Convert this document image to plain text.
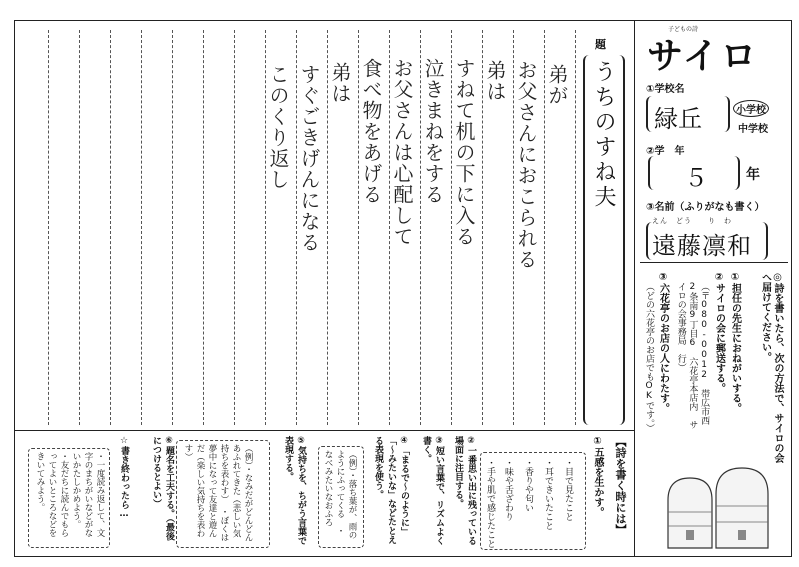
弟が
お父さんにおこられる
弟は
すねて机の下に入る
泣きまねをする
お父さんは心配して
食べ物をあげる
弟は
すぐごきげんになる
このくり返し
題
うちのすね夫
【詩を書く時には】
①五感を生かす。
・目で見たこと
・耳できいたこと
・香りや匂い
・味や舌ざわり
・手や肌で感じたこと
②一番思い出に残っている場面に注目する。
③短い言葉で、リズムよく書く。
④「まるで～のように」「～みたいな」などたとえる表現を使う。
（例）・落ち葉が、雨のようにふってくる　・なべみたいなおふろ
⑤気持ちを、ちがう言葉で表現する。
（例）・なみだがどんどんあふれてきた（悲しい気持ちを表わす）　・ぼくは夢中になって友達と遊んだ（楽しい気持ちを表わす）
⑥題名を工夫する。（最後につけるとよい）
☆書き終わったら…
・一度読み返して、文字のまちがいなどがないかたしかめよう。
・友だちに読んでもらってよいところなどをきいてみよう。
子どもの詩
サイロ
①学校名
緑丘	小学校
中学校
②学　年
５	年
③名前（ふりがなも書く）
えん　どう　　り　わ
遠藤凛和
◎詩を書いたら、次の方法で、サイロの会へ届けてください。
①担任の先生におねがいする。
②サイロの会に郵送する。
（〒080-0012　帯広市西2条南9丁目6　六花亭本店内　サイロの会事務局　行）
③六花亭のお店の人にわたす。
（どの六花亭のお店でもOKです。）
